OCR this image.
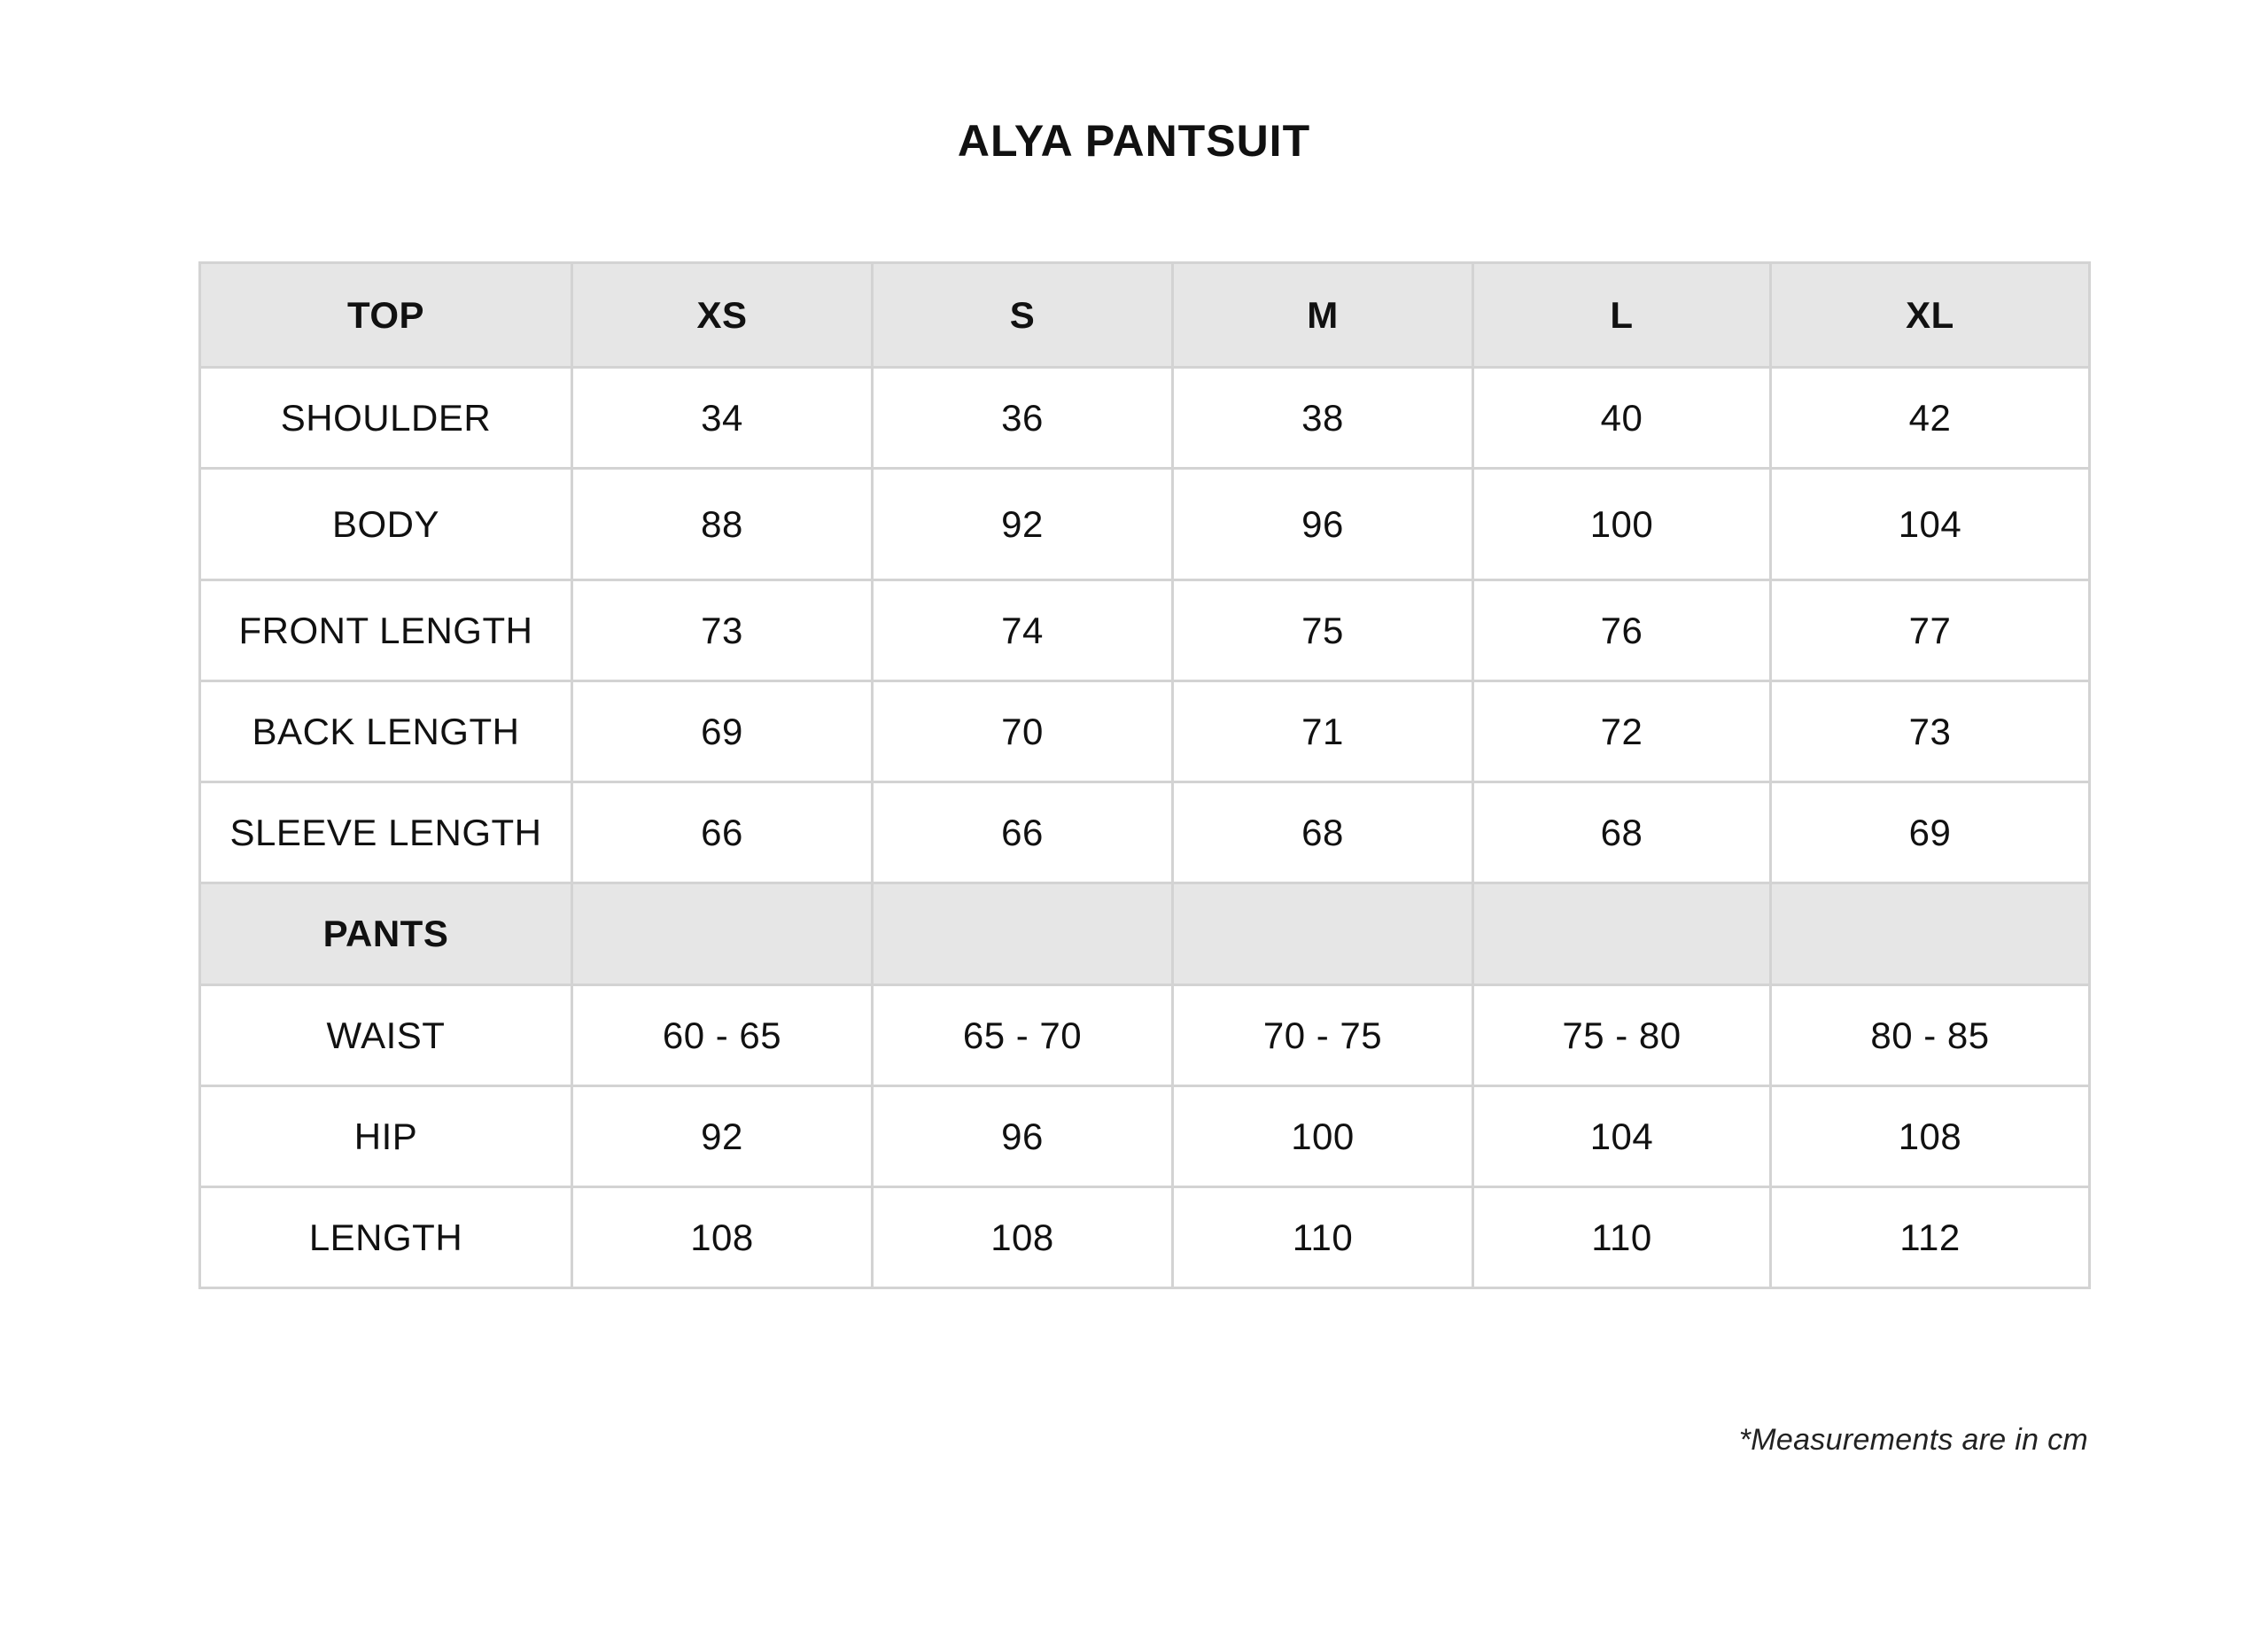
ALYA PANTSUIT
TOP	XS	S	M	L	XL
SHOULDER	34	36	38	40	42
BODY	88	92	96	100	104
FRONT LENGTH	73	74	75	76	77
BACK LENGTH	69	70	71	72	73
SLEEVE LENGTH	66	66	68	68	69
PANTS					
WAIST	60 - 65	65 - 70	70 - 75	75 - 80	80 - 85
HIP	92	96	100	104	108
LENGTH	108	108	110	110	112

*Measurements are in cm
